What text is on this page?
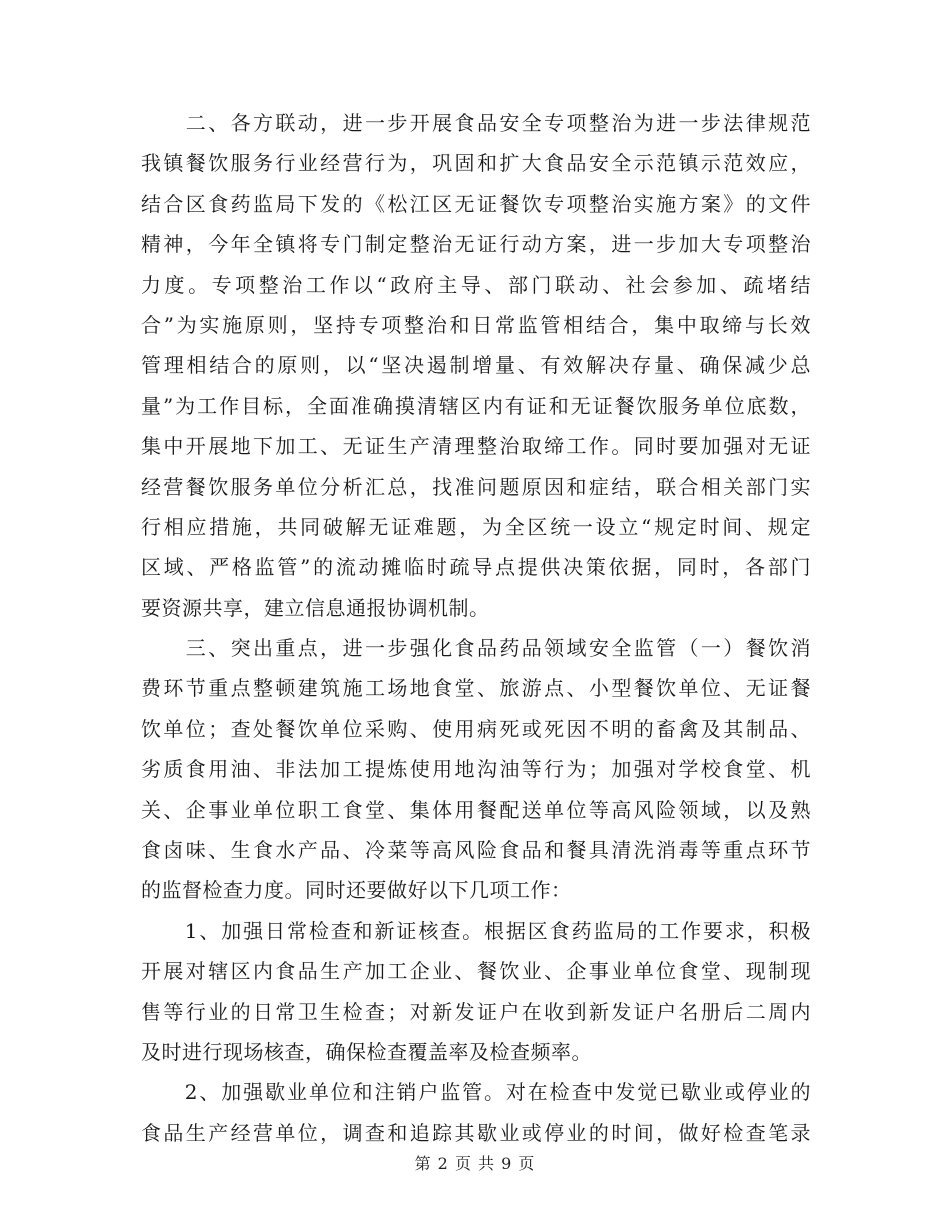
　　二、各方联动，进一步开展食品安全专项整治为进一步法律规范
我镇餐饮服务行业经营行为，巩固和扩大食品安全示范镇示范效应，
结合区食药监局下发的《松江区无证餐饮专项整治实施方案》的文件
精神，今年全镇将专门制定整治无证行动方案，进一步加大专项整治
力度。专项整治工作以“政府主导、部门联动、社会参加、疏堵结
合”为实施原则，坚持专项整治和日常监管相结合，集中取缔与长效
管理相结合的原则，以“坚决遏制增量、有效解决存量、确保减少总
量”为工作目标，全面准确摸清辖区内有证和无证餐饮服务单位底数，
集中开展地下加工、无证生产清理整治取缔工作。同时要加强对无证
经营餐饮服务单位分析汇总，找准问题原因和症结，联合相关部门实
行相应措施，共同破解无证难题，为全区统一设立“规定时间、规定
区域、严格监管”的流动摊临时疏导点提供决策依据，同时，各部门
要资源共享，建立信息通报协调机制。
　　三、突出重点，进一步强化食品药品领域安全监管（一）餐饮消
费环节重点整顿建筑施工场地食堂、旅游点、小型餐饮单位、无证餐
饮单位；查处餐饮单位采购、使用病死或死因不明的畜禽及其制品、
劣质食用油、非法加工提炼使用地沟油等行为；加强对学校食堂、机
关、企事业单位职工食堂、集体用餐配送单位等高风险领域，以及熟
食卤味、生食水产品、冷菜等高风险食品和餐具清洗消毒等重点环节
的监督检查力度。同时还要做好以下几项工作：
　　1、加强日常检查和新证核查。根据区食药监局的工作要求，积极
开展对辖区内食品生产加工企业、餐饮业、企事业单位食堂、现制现
售等行业的日常卫生检查；对新发证户在收到新发证户名册后二周内
及时进行现场核查，确保检查覆盖率及检查频率。
　　2、加强歇业单位和注销户监管。对在检查中发觉已歇业或停业的
食品生产经营单位，调查和追踪其歇业或停业的时间，做好检查笔录
第 2 页 共 9 页
